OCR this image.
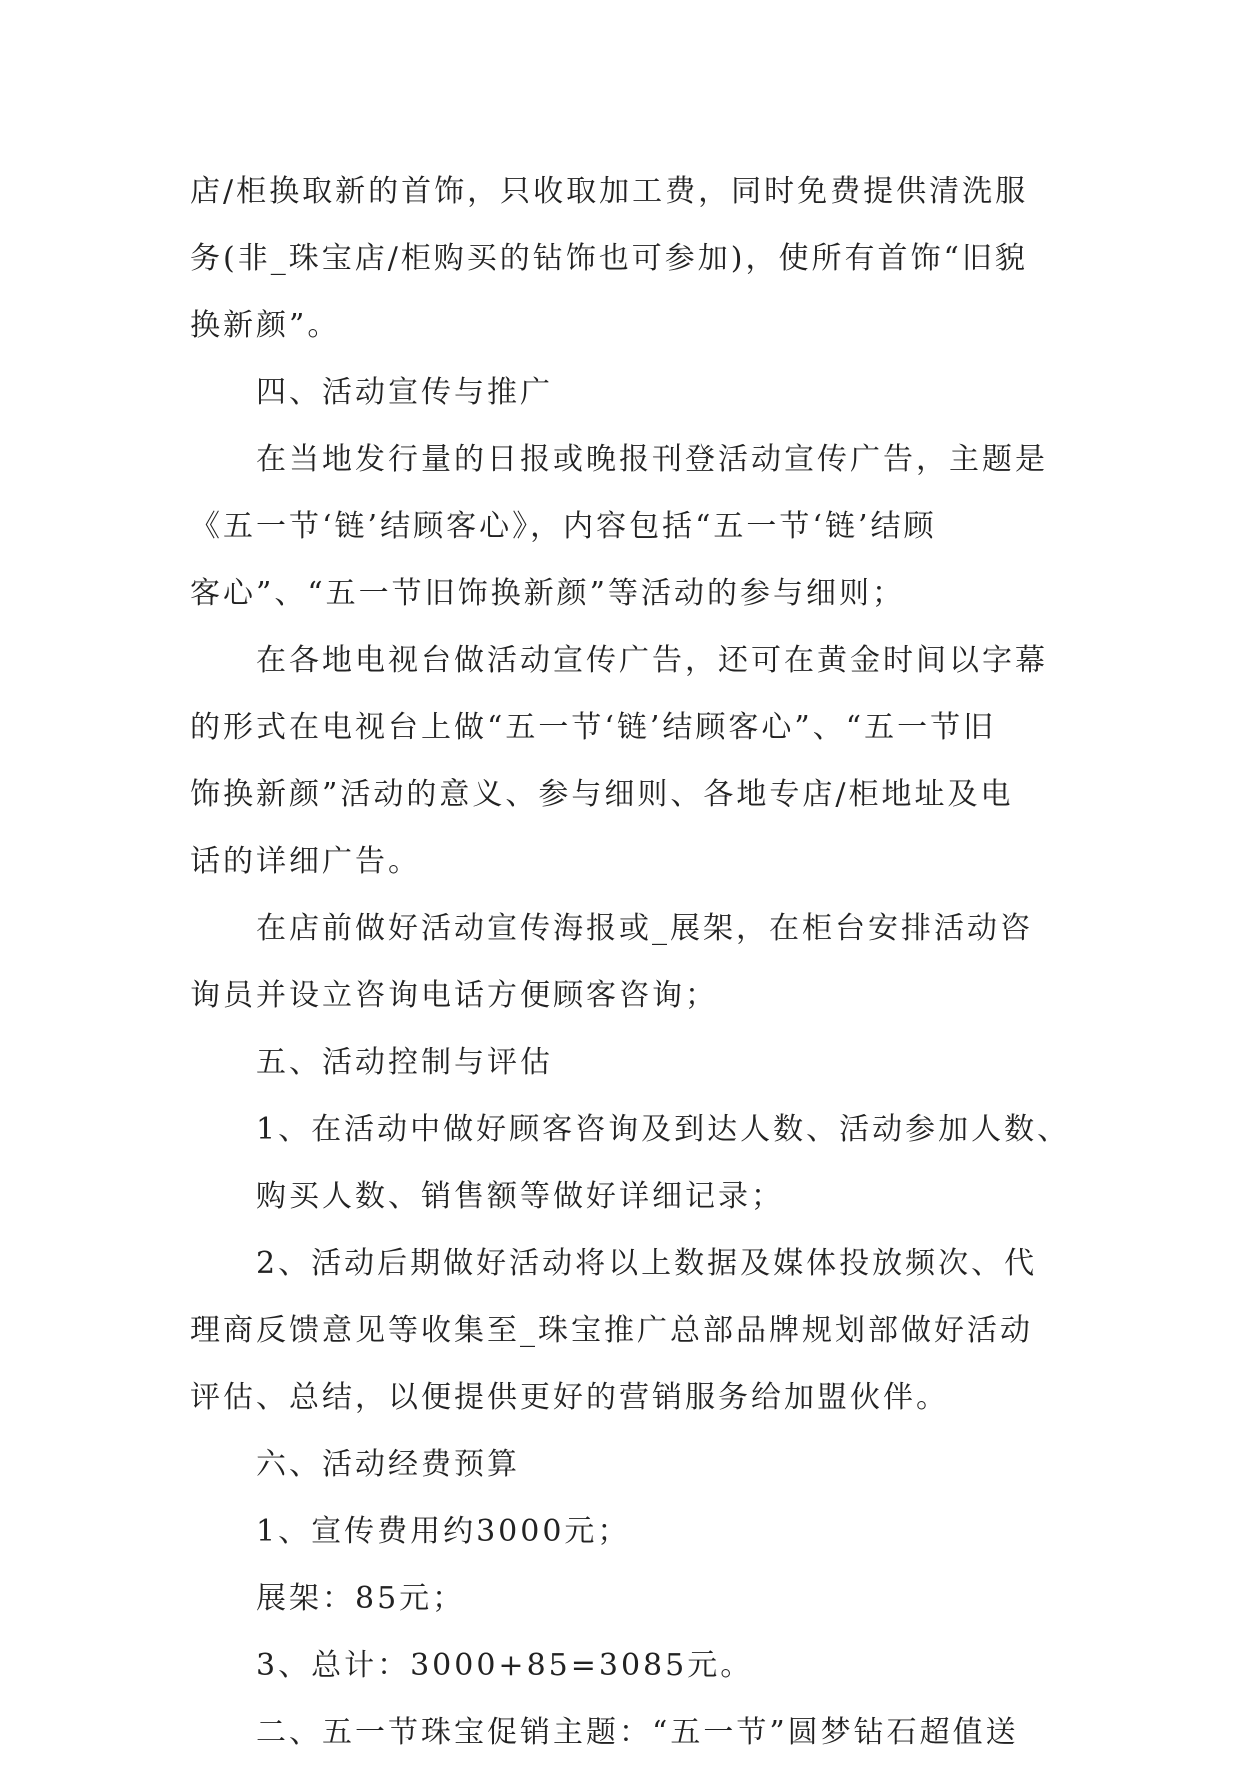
店/柜换取新的首饰，只收取加工费，同时免费提供清洗服
务(非_珠宝店/柜购买的钻饰也可参加)，使所有首饰“旧貌
换新颜”。
四、活动宣传与推广
在当地发行量的日报或晚报刊登活动宣传广告，主题是
《五一节‘链’结顾客心》，内容包括“五一节‘链’结顾
客心”、“五一节旧饰换新颜”等活动的参与细则；
在各地电视台做活动宣传广告，还可在黄金时间以字幕
的形式在电视台上做“五一节‘链’结顾客心”、“五一节旧
饰换新颜”活动的意义、参与细则、各地专店/柜地址及电
话的详细广告。
在店前做好活动宣传海报或_展架，在柜台安排活动咨
询员并设立咨询电话方便顾客咨询；
五、活动控制与评估
1、在活动中做好顾客咨询及到达人数、活动参加人数、
购买人数、销售额等做好详细记录；
2、活动后期做好活动将以上数据及媒体投放频次、代
理商反馈意见等收集至_珠宝推广总部品牌规划部做好活动
评估、总结，以便提供更好的营销服务给加盟伙伴。
六、活动经费预算
1、宣传费用约3000元；
展架：85元；
3、总计：3000+85=3085元。
二、五一节珠宝促销主题：“五一节”圆梦钻石超值送
